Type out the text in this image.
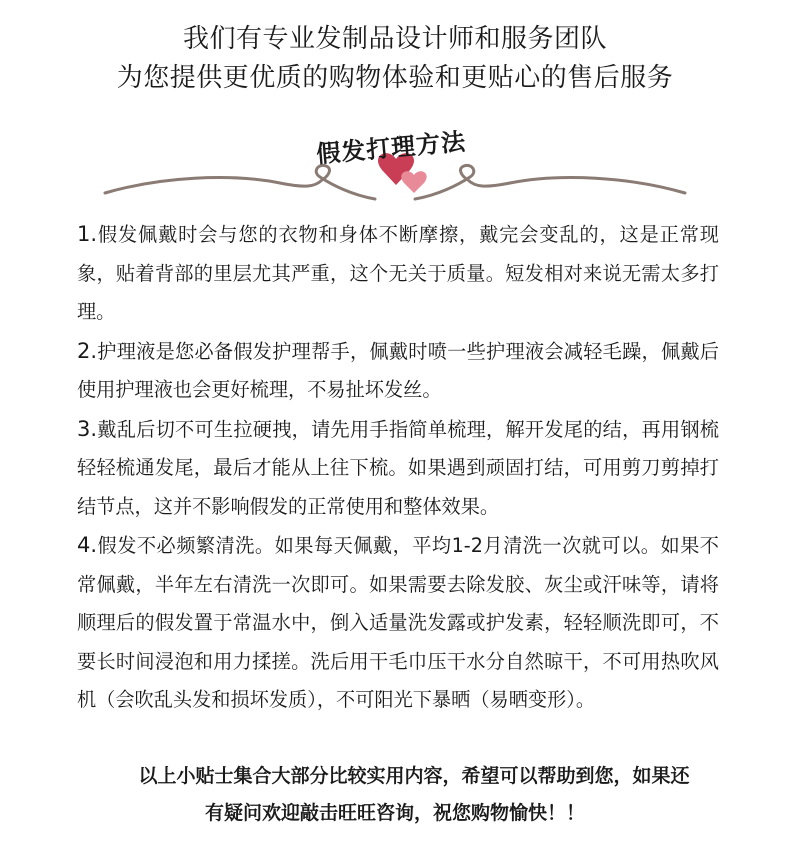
我们有专业发制品设计师和服务团队
为您提供更优质的购物体验和更贴心的售后服务
假发打理方法

1.假发佩戴时会与您的衣物和身体不断摩擦，戴完会变乱的，这是正常现象，贴着背部的里层尤其严重，这个无关于质量。短发相对来说无需太多打理。

2.护理液是您必备假发护理帮手，佩戴时喷一些护理液会减轻毛躁，佩戴后使用护理液也会更好梳理，不易扯坏发丝。

3.戴乱后切不可生拉硬拽，请先用手指简单梳理，解开发尾的结，再用钢梳轻轻梳通发尾，最后才能从上往下梳。如果遇到顽固打结，可用剪刀剪掉打结节点，这并不影响假发的正常使用和整体效果。

4.假发不必频繁清洗。如果每天佩戴，平均1-2月清洗一次就可以。如果不常佩戴，半年左右清洗一次即可。如果需要去除发胶、灰尘或汗味等，请将顺理后的假发置于常温水中，倒入适量洗发露或护发素，轻轻顺洗即可，不要长时间浸泡和用力揉搓。洗后用干毛巾压干水分自然晾干，不可用热吹风机（会吹乱头发和损坏发质），不可阳光下暴晒（易晒变形）。

以上小贴士集合大部分比较实用内容，希望可以帮助到您，如果还
有疑问欢迎敲击旺旺咨询，祝您购物愉快！！
